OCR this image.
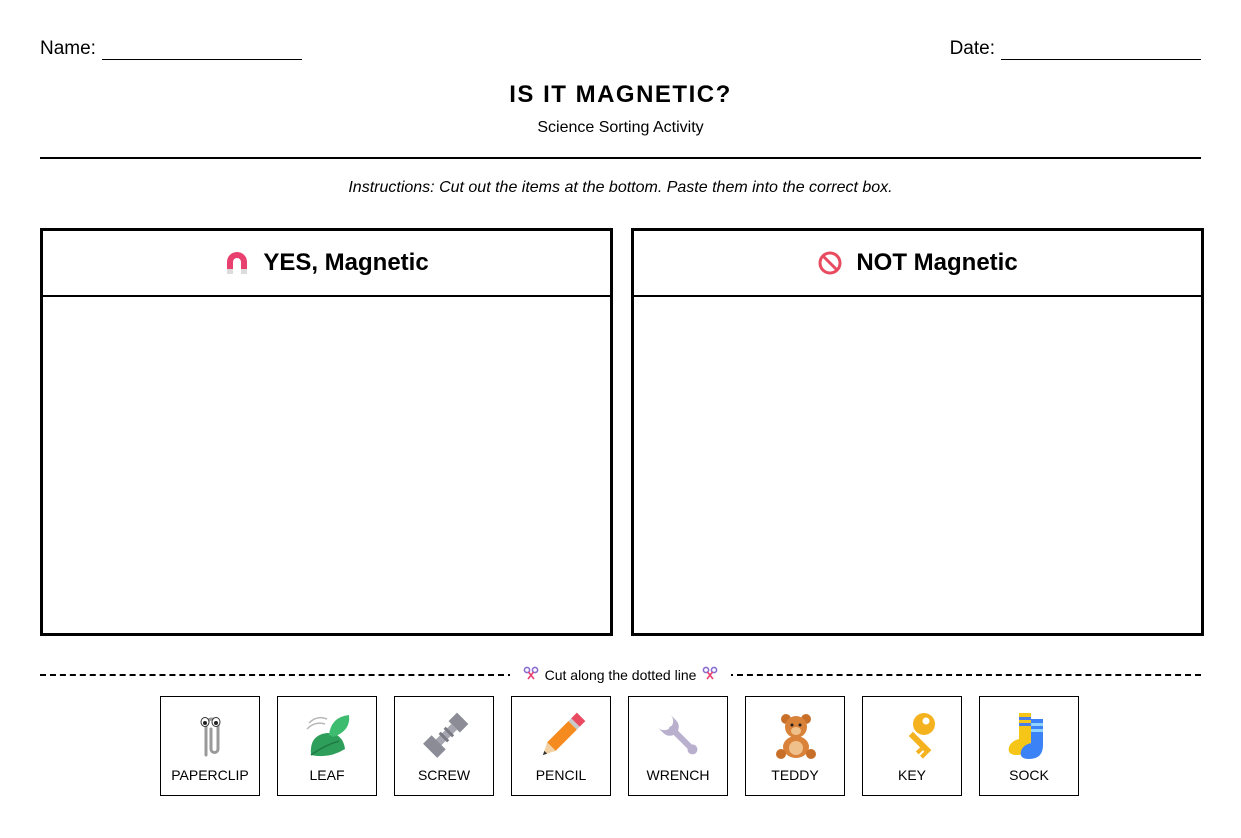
Name:	Date:
IS IT MAGNETIC?
Science Sorting Activity
Instructions: Cut out the items at the bottom. Paste them into the correct box.
YES, Magnetic	NOT Magnetic
Cut along the dotted line
PAPERCLIP	LEAF	SCREW	PENCIL	WRENCH	TEDDY	KEY	SOCK
